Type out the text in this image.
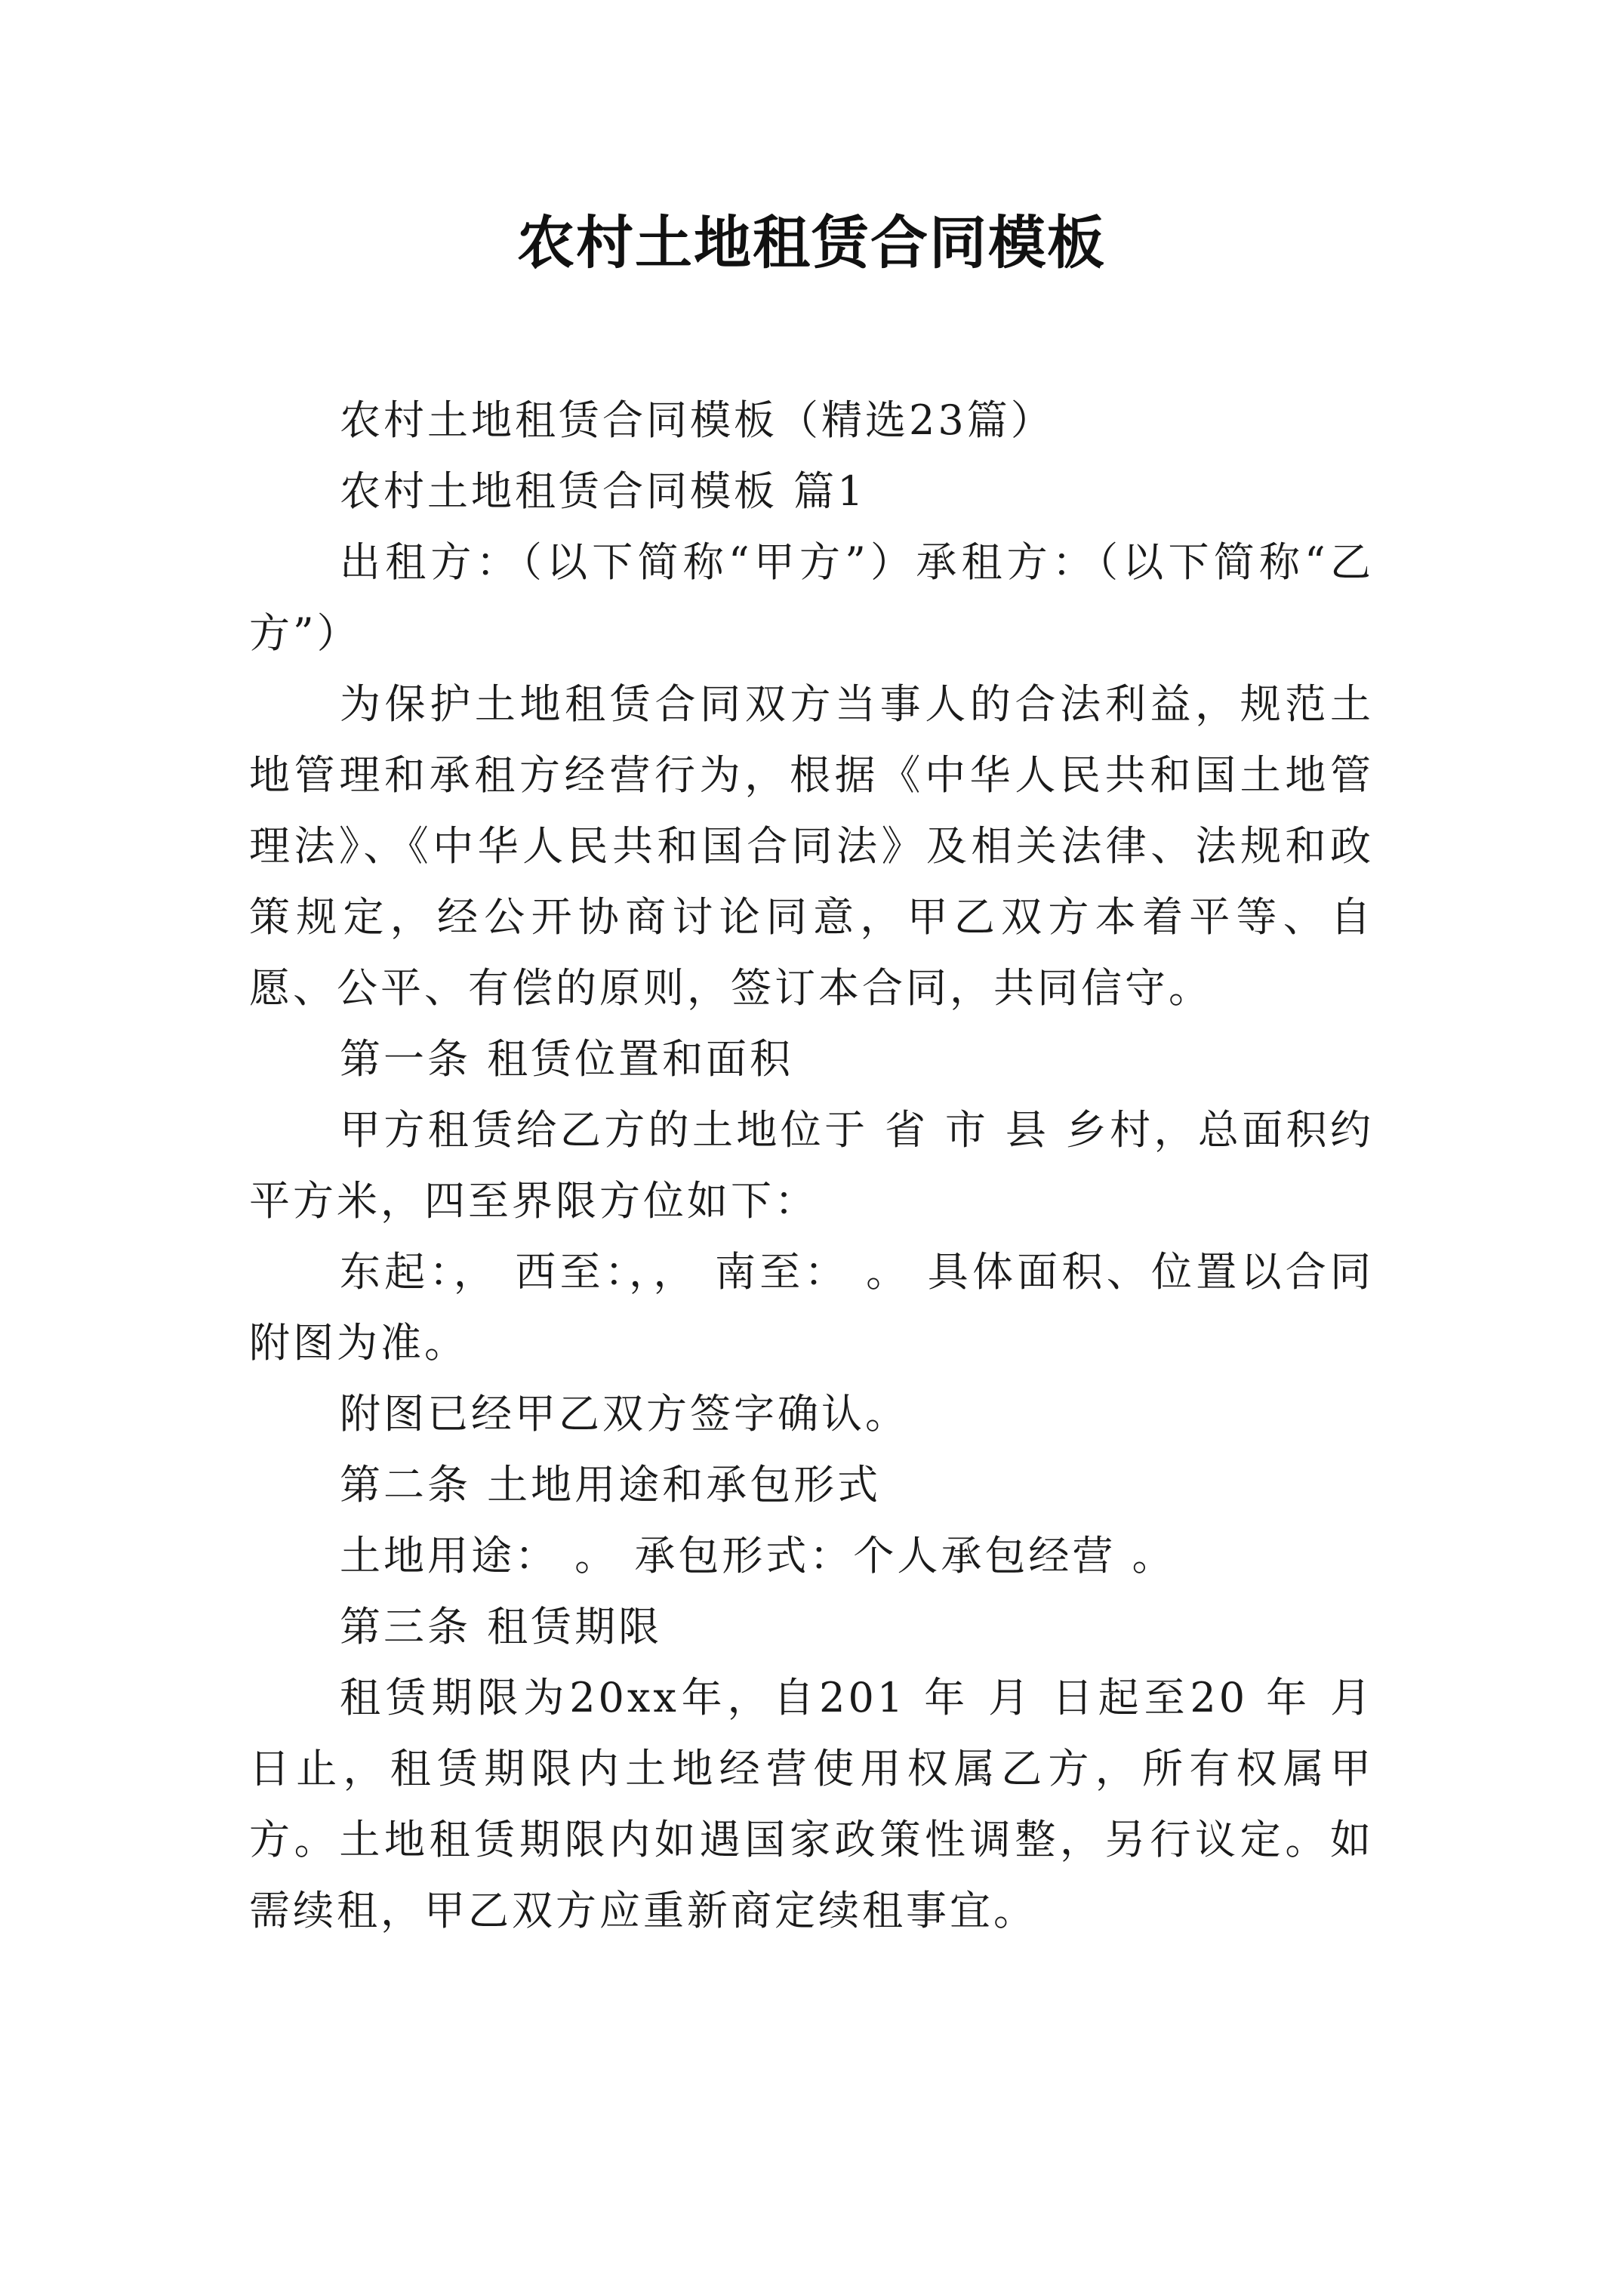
农村土地租赁合同模板

农村土地租赁合同模板（精选23篇）

农村土地租赁合同模板 篇1

出租方：（以下简称“甲方”）承租方：（以下简称“乙方”）

为保护土地租赁合同双方当事人的合法利益，规范土地管理和承租方经营行为，根据《中华人民共和国土地管理法》、《中华人民共和国合同法》及相关法律、法规和政策规定，经公开协商讨论同意，甲乙双方本着平等、自愿、公平、有偿的原则，签订本合同，共同信守。

第一条 租赁位置和面积

甲方租赁给乙方的土地位于 省 市 县 乡村，总面积约 平方米，四至界限方位如下：

东起：， 西至：，， 南至： 。 具体面积、位置以合同附图为准。

附图已经甲乙双方签字确认。

第二条 土地用途和承包形式

土地用途： 。 承包形式：个人承包经营 。

第三条 租赁期限

租赁期限为20xx年，自201 年 月 日起至20 年 月日止，租赁期限内土地经营使用权属乙方，所有权属甲方。土地租赁期限内如遇国家政策性调整，另行议定。如需续租，甲乙双方应重新商定续租事宜。
